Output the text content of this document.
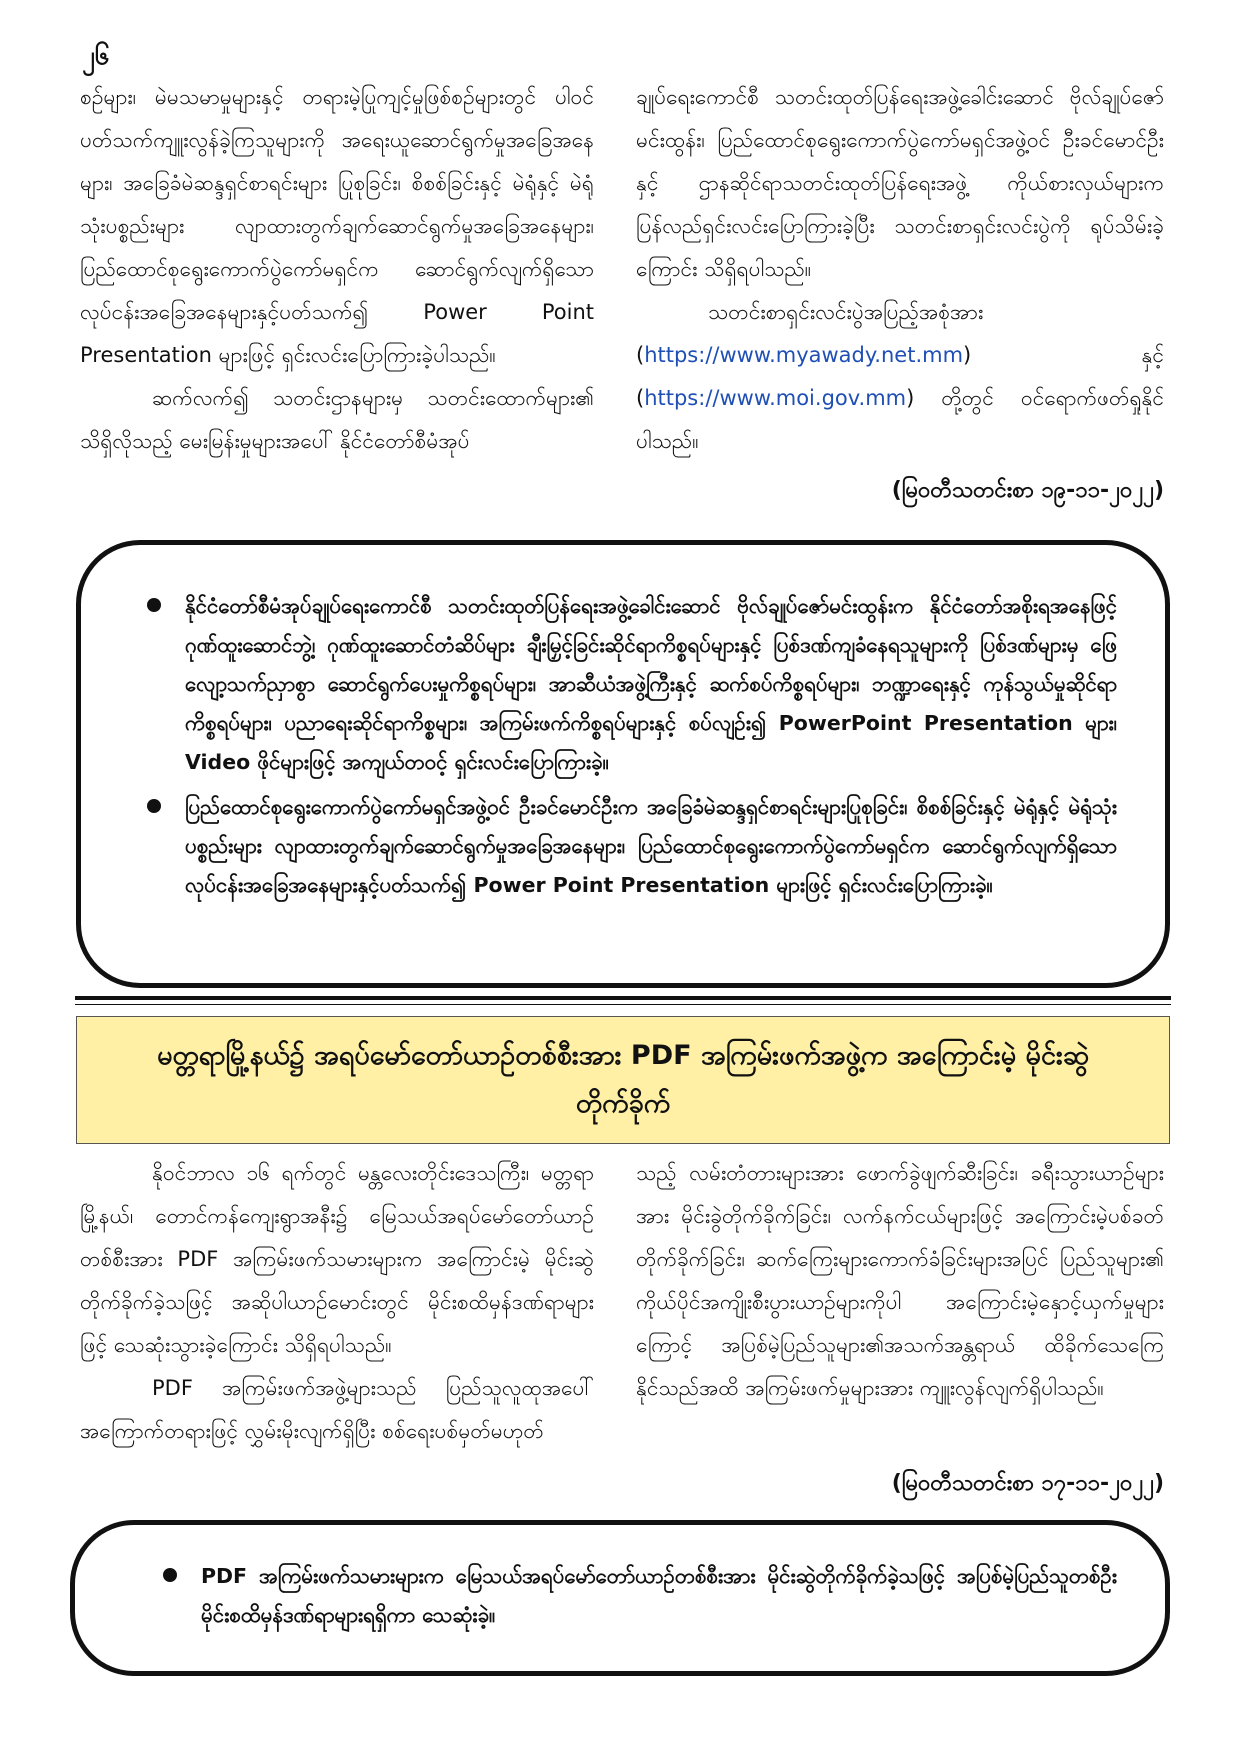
၂၆

စဉ်များ၊ မဲမသမာမှုများနှင့် တရားမဲ့ပြုကျင့်မှုဖြစ်စဉ်များတွင် ပါဝင်ပတ်သက်ကျူးလွန်ခဲ့ကြသူများကို အရေးယူဆောင်ရွက်မှုအခြေအနေများ၊ အခြေခံမဲဆန္ဒရှင်စာရင်းများ ပြုစုခြင်း၊ စိစစ်ခြင်းနှင့် မဲရုံနှင့် မဲရုံသုံးပစ္စည်းများ လျာထားတွက်ချက်ဆောင်ရွက်မှုအခြေအနေများ၊ ပြည်ထောင်စုရွေးကောက်ပွဲကော်မရှင်က ဆောင်ရွက်လျက်ရှိသော လုပ်ငန်းအခြေအနေများနှင့်ပတ်သက်၍ Power Point Presentation များဖြင့် ရှင်းလင်းပြောကြားခဲ့ပါသည်။

ဆက်လက်၍ သတင်းဌာနများမှ သတင်းထောက်များ၏ သိရှိလိုသည့် မေးမြန်းမှုများအပေါ် နိုင်ငံတော်စီမံအုပ်

ချုပ်ရေးကောင်စီ သတင်းထုတ်ပြန်ရေးအဖွဲ့ခေါင်းဆောင် ဗိုလ်ချုပ်ဇော်မင်းထွန်း၊ ပြည်ထောင်စုရွေးကောက်ပွဲကော်မရှင်အဖွဲ့ဝင် ဦးခင်မောင်ဦးနှင့် ဌာနဆိုင်ရာသတင်းထုတ်ပြန်ရေးအဖွဲ့ ကိုယ်စားလှယ်များက ပြန်လည်ရှင်းလင်းပြောကြားခဲ့ပြီး သတင်းစာရှင်းလင်းပွဲကို ရုပ်သိမ်းခဲ့ကြောင်း သိရှိရပါသည်။

သတင်းစာရှင်းလင်းပွဲအပြည့်အစုံအား (https://www.myawady.net.mm) နှင့် (https://www.moi.gov.mm) တို့တွင် ဝင်ရောက်ဖတ်ရှုနိုင်ပါသည်။

(မြဝတီသတင်းစာ ၁၉-၁၁-၂၀၂၂)
နိုင်ငံတော်စီမံအုပ်ချုပ်ရေးကောင်စီ သတင်းထုတ်ပြန်ရေးအဖွဲ့ခေါင်းဆောင် ဗိုလ်ချုပ်ဇော်မင်းထွန်းက နိုင်ငံတော်အစိုးရအနေဖြင့် ဂုဏ်ထူးဆောင်ဘွဲ့၊ ဂုဏ်ထူးဆောင်တံဆိပ်များ ချီးမြှင့်ခြင်းဆိုင်ရာကိစ္စရပ်များနှင့် ပြစ်ဒဏ်ကျခံနေရသူများကို ပြစ်ဒဏ်များမှ ဖြေလျော့သက်ညှာစွာ ဆောင်ရွက်ပေးမှုကိစ္စရပ်များ၊ အာဆီယံအဖွဲ့ကြီးနှင့် ဆက်စပ်ကိစ္စရပ်များ၊ ဘဏ္ဍာရေးနှင့် ကုန်သွယ်မှုဆိုင်ရာကိစ္စရပ်များ၊ ပညာရေးဆိုင်ရာကိစ္စများ၊ အကြမ်းဖက်ကိစ္စရပ်များနှင့် စပ်လျဉ်း၍ PowerPoint Presentation များ၊ Video ဖိုင်များဖြင့် အကျယ်တဝင့် ရှင်းလင်းပြောကြားခဲ့။
ပြည်ထောင်စုရွေးကောက်ပွဲကော်မရှင်အဖွဲ့ဝင် ဦးခင်မောင်ဦးက အခြေခံမဲဆန္ဒရှင်စာရင်းများပြုစုခြင်း၊ စိစစ်ခြင်းနှင့် မဲရုံနှင့် မဲရုံသုံးပစ္စည်းများ လျာထားတွက်ချက်ဆောင်ရွက်မှုအခြေအနေများ၊ ပြည်ထောင်စုရွေးကောက်ပွဲကော်မရှင်က ဆောင်ရွက်လျက်ရှိသော လုပ်ငန်းအခြေအနေများနှင့်ပတ်သက်၍ Power Point Presentation များဖြင့် ရှင်းလင်းပြောကြားခဲ့။
မတ္တရာမြို့နယ်၌ အရပ်မော်တော်ယာဉ်တစ်စီးအား PDF အကြမ်းဖက်အဖွဲ့က အကြောင်းမဲ့ မိုင်းဆွဲတိုက်ခိုက်

နိုဝင်ဘာလ ၁၆ ရက်တွင် မန္တလေးတိုင်းဒေသကြီး၊ မတ္တရာမြို့နယ်၊ တောင်ကန်ကျေးရွာအနီး၌ မြေသယ်အရပ်မော်တော်ယာဉ်တစ်စီးအား PDF အကြမ်းဖက်သမားများက အကြောင်းမဲ့ မိုင်းဆွဲတိုက်ခိုက်ခဲ့သဖြင့် အဆိုပါယာဉ်မောင်းတွင် မိုင်းစထိမှန်ဒဏ်ရာများဖြင့် သေဆုံးသွားခဲ့ကြောင်း သိရှိရပါသည်။

PDF အကြမ်းဖက်အဖွဲ့များသည် ပြည်သူလူထုအပေါ် အကြောက်တရားဖြင့် လွှမ်းမိုးလျက်ရှိပြီး စစ်ရေးပစ်မှတ်မဟုတ်

သည့် လမ်းတံတားများအား ဖောက်ခွဲဖျက်ဆီးခြင်း၊ ခရီးသွားယာဉ်များအား မိုင်းခွဲတိုက်ခိုက်ခြင်း၊ လက်နက်ငယ်များဖြင့် အကြောင်းမဲ့ပစ်ခတ်တိုက်ခိုက်ခြင်း၊ ဆက်ကြေးများကောက်ခံခြင်းများအပြင် ပြည်သူများ၏ ကိုယ်ပိုင်အကျိုးစီးပွားယာဉ်များကိုပါ အကြောင်းမဲ့နှောင့်ယှက်မှုများကြောင့် အပြစ်မဲ့ပြည်သူများ၏အသက်အန္တရာယ် ထိခိုက်သေကြေနိုင်သည်အထိ အကြမ်းဖက်မှုများအား ကျူးလွန်လျက်ရှိပါသည်။

(မြဝတီသတင်းစာ ၁၇-၁၁-၂၀၂၂)
PDF အကြမ်းဖက်သမားများက မြေသယ်အရပ်မော်တော်ယာဉ်တစ်စီးအား မိုင်းဆွဲတိုက်ခိုက်ခဲ့သဖြင့် အပြစ်မဲ့ပြည်သူတစ်ဦး မိုင်းစထိမှန်ဒဏ်ရာများရရှိကာ သေဆုံးခဲ့။
